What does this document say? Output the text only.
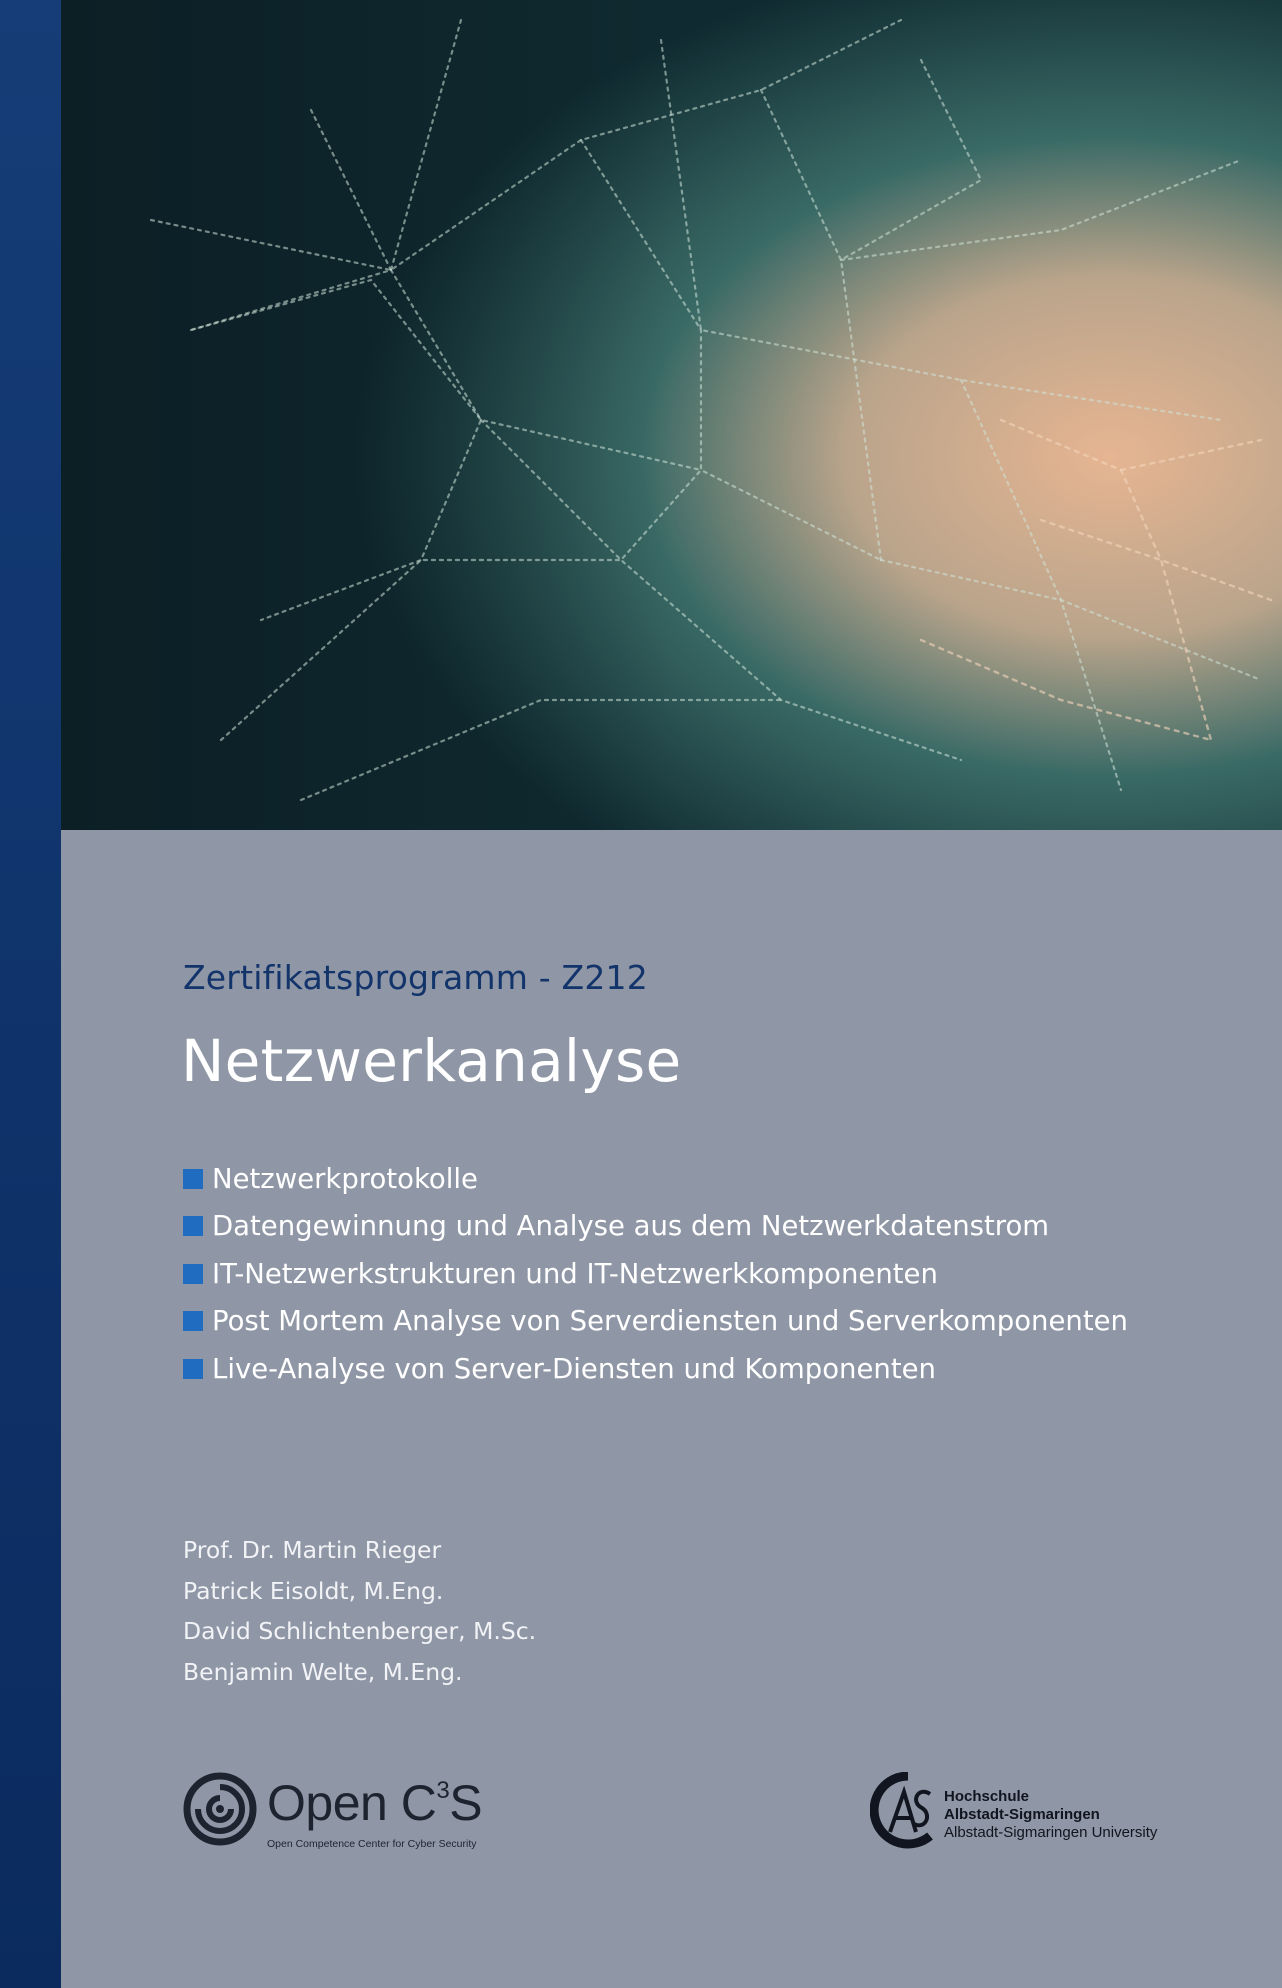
Zertifikatsprogramm - Z212
Netzwerkanalyse
Netzwerkprotokolle
Datengewinnung und Analyse aus dem Netzwerkdatenstrom
IT-Netzwerkstrukturen und IT-Netzwerkkomponenten
Post Mortem Analyse von Serverdiensten und Serverkomponenten
Live-Analyse von Server-Diensten und Komponenten
Prof. Dr. Martin Rieger
Patrick Eisoldt, M.Eng.
David Schlichtenberger, M.Sc.
Benjamin Welte, M.Eng.
Open $C^3S$
Open Competence Center for Cyber Security
Hochschule
Albstadt-Sigmaringen
Albstadt-Sigmaringen University
